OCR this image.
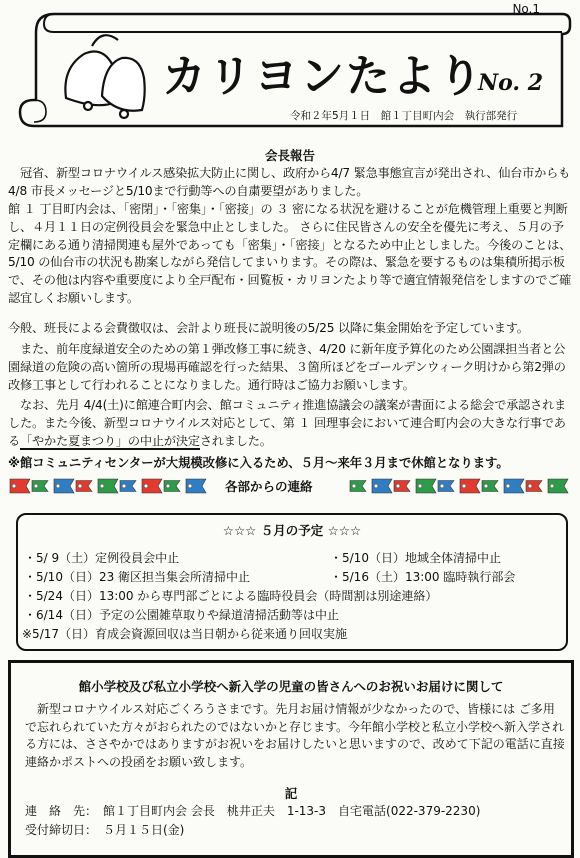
No.1
カリヨンたより
No. 2
令和２年5月１日　館１丁目町内会　執行部発行
会長報告
　冠省、新型コロナウイルス感染拡大防止に関し、政府から4/7 緊急事態宣言が発出され、仙台市からも4/8 市長メッセージと5/10まで行動等への自粛要望がありました。
館 １ 丁目町内会は、「密閉」・「密集」・「密接」の ３ 密になる状況を避けることが危機管理上重要と判断し、４月１１日の定例役員会を緊急中止としました。 さらに住民皆さんの安全を優先に考え、５月の予定欄にある通り清掃関連も屋外であっても「密集」・「密接」となるため中止としました。今後のことは、5/10 の仙台市の状況も勘案しながら発信してまいります。その際は、緊急を要するものは集積所掲示板で、その他は内容や重要度により全戸配布・回覧板・カリヨンたより等で適宜情報発信をしますのでご確認宜しくお願いします。
今般、班長による会費徴収は、会計より班長に説明後の5/25 以降に集金開始を予定しています。
　また、前年度緑道安全のための第１弾改修工事に続き、4/20 に新年度予算化のため公園課担当者と公園緑道の危険の高い箇所の現場再確認を行った結果、３箇所ほどをゴールデンウィーク明けから第2弾の改修工事として行われることになりました。通行時はご協力お願いします。
　なお、先月 4/4(土)に館連合町内会、館コミュニティ推進協議会の議案が書面による総会で承認されました。また今後、新型コロナウイルス対応として、第 １ 回理事会において連合町内会の大きな行事である「やかた夏まつり」の中止が決定されました。
※館コミュニティセンターが大規模改修に入るため、５月～来年３月まで休館となります。
各部からの連絡
☆☆☆ ５月の予定 ☆☆☆
・5/ 9（土）定例役員会中止	・5/10（日）地域全体清掃中止
・5/10（日）23 衛区担当集会所清掃中止	・5/16（土）13:00 臨時執行部会
・5/24（日）13:00 から専門部ごとによる臨時役員会（時間割は別途連絡）
・6/14（日）予定の公園雑草取りや緑道清掃活動等は中止
※5/17（日）育成会資源回収は当日朝から従来通り回収実施
館小学校及び私立小学校へ新入学の児童の皆さんへのお祝いお届けに関して
　新型コロナウイルス対応ごくろうさまです。先月お届け情報が少なかったので、皆様には ご多用で忘れられていた方々がおられたのではないかと存じます。今年館小学校と私立小学校へ新入学される方には、ささやかではありますがお祝いをお届けしたいと思いますので、改めて下記の電話に直接連絡かポストへの投函をお願い致します。
記
連　絡　先：　館１丁目町内会 会長　桃井正夫　1-13-3　自宅電話(022-379-2230)
受付締切日：　５月１５日(金)
